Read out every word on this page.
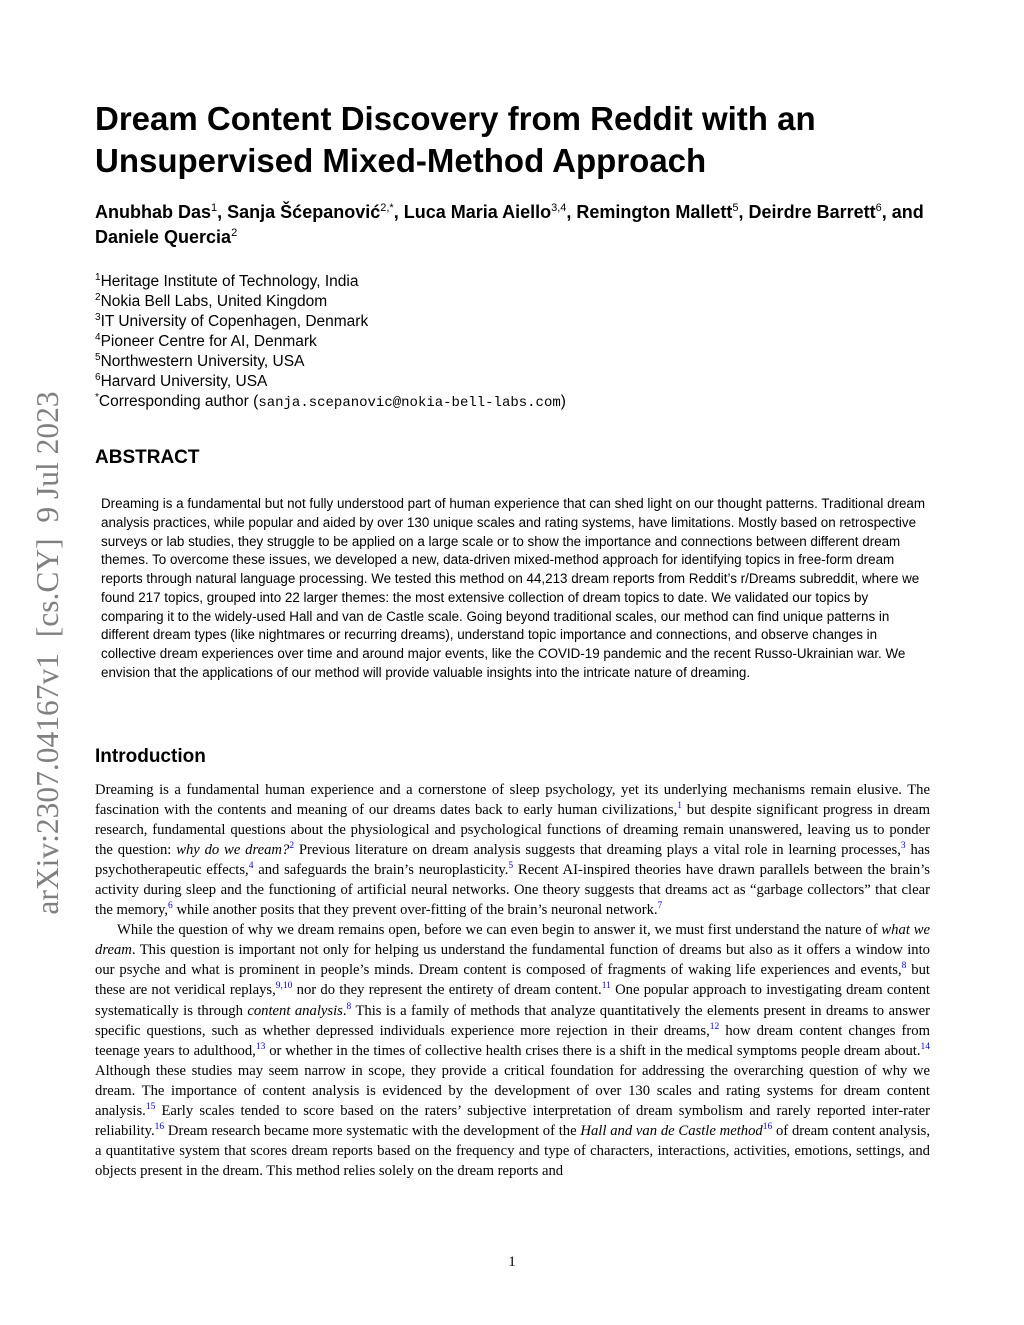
arXiv:2307.04167v1  [cs.CY]  9 Jul 2023
Dream Content Discovery from Reddit with an Unsupervised Mixed-Method Approach
Anubhab Das$^1$, Sanja Šćepanović$^{2,*}$, Luca Maria Aiello$^{3,4}$, Remington Mallett$^5$, Deirdre Barrett$^6$, and Daniele Quercia$^2$
$^1$Heritage Institute of Technology, India
$^2$Nokia Bell Labs, United Kingdom
$^3$IT University of Copenhagen, Denmark
$^4$Pioneer Centre for AI, Denmark
$^5$Northwestern University, USA
$^6$Harvard University, USA
*Corresponding author (sanja.scepanovic@nokia-bell-labs.com)
ABSTRACT

Dreaming is a fundamental but not fully understood part of human experience that can shed light on our thought patterns. Traditional dream analysis practices, while popular and aided by over 130 unique scales and rating systems, have limitations. Mostly based on retrospective surveys or lab studies, they struggle to be applied on a large scale or to show the importance and connections between different dream themes. To overcome these issues, we developed a new, data-driven mixed-method approach for identifying topics in free-form dream reports through natural language processing. We tested this method on 44,213 dream reports from Reddit’s r/Dreams subreddit, where we found 217 topics, grouped into 22 larger themes: the most extensive collection of dream topics to date. We validated our topics by comparing it to the widely-used Hall and van de Castle scale. Going beyond traditional scales, our method can find unique patterns in different dream types (like nightmares or recurring dreams), understand topic importance and connections, and observe changes in collective dream experiences over time and around major events, like the COVID-19 pandemic and the recent Russo-Ukrainian war. We envision that the applications of our method will provide valuable insights into the intricate nature of dreaming.

Introduction

Dreaming is a fundamental human experience and a cornerstone of sleep psychology, yet its underlying mechanisms remain elusive. The fascination with the contents and meaning of our dreams dates back to early human civilizations,$^1$ but despite significant progress in dream research, fundamental questions about the physiological and psychological functions of dreaming remain unanswered, leaving us to ponder the question: why do we dream?$^2$ Previous literature on dream analysis suggests that dreaming plays a vital role in learning processes,$^3$ has psychotherapeutic effects,$^4$ and safeguards the brain’s neuroplasticity.$^5$ Recent AI-inspired theories have drawn parallels between the brain’s activity during sleep and the functioning of artificial neural networks. One theory suggests that dreams act as “garbage collectors” that clear the memory,$^6$ while another posits that they prevent over-fitting of the brain’s neuronal network.$^7$

While the question of why we dream remains open, before we can even begin to answer it, we must first understand the nature of what we dream. This question is important not only for helping us understand the fundamental function of dreams but also as it offers a window into our psyche and what is prominent in people’s minds. Dream content is composed of fragments of waking life experiences and events,$^8$ but these are not veridical replays,$^{9,10}$ nor do they represent the entirety of dream content.$^{11}$ One popular approach to investigating dream content systematically is through content analysis.$^8$ This is a family of methods that analyze quantitatively the elements present in dreams to answer specific questions, such as whether depressed individuals experience more rejection in their dreams,$^{12}$ how dream content changes from teenage years to adulthood,$^{13}$ or whether in the times of collective health crises there is a shift in the medical symptoms people dream about.$^{14}$ Although these studies may seem narrow in scope, they provide a critical foundation for addressing the overarching question of why we dream. The importance of content analysis is evidenced by the development of over 130 scales and rating systems for dream content analysis.$^{15}$ Early scales tended to score based on the raters’ subjective interpretation of dream symbolism and rarely reported inter-rater reliability.$^{16}$ Dream research became more systematic with the development of the Hall and van de Castle method$^{16}$ of dream content analysis, a quantitative system that scores dream reports based on the frequency and type of characters, interactions, activities, emotions, settings, and objects present in the dream. This method relies solely on the dream reports and

1
